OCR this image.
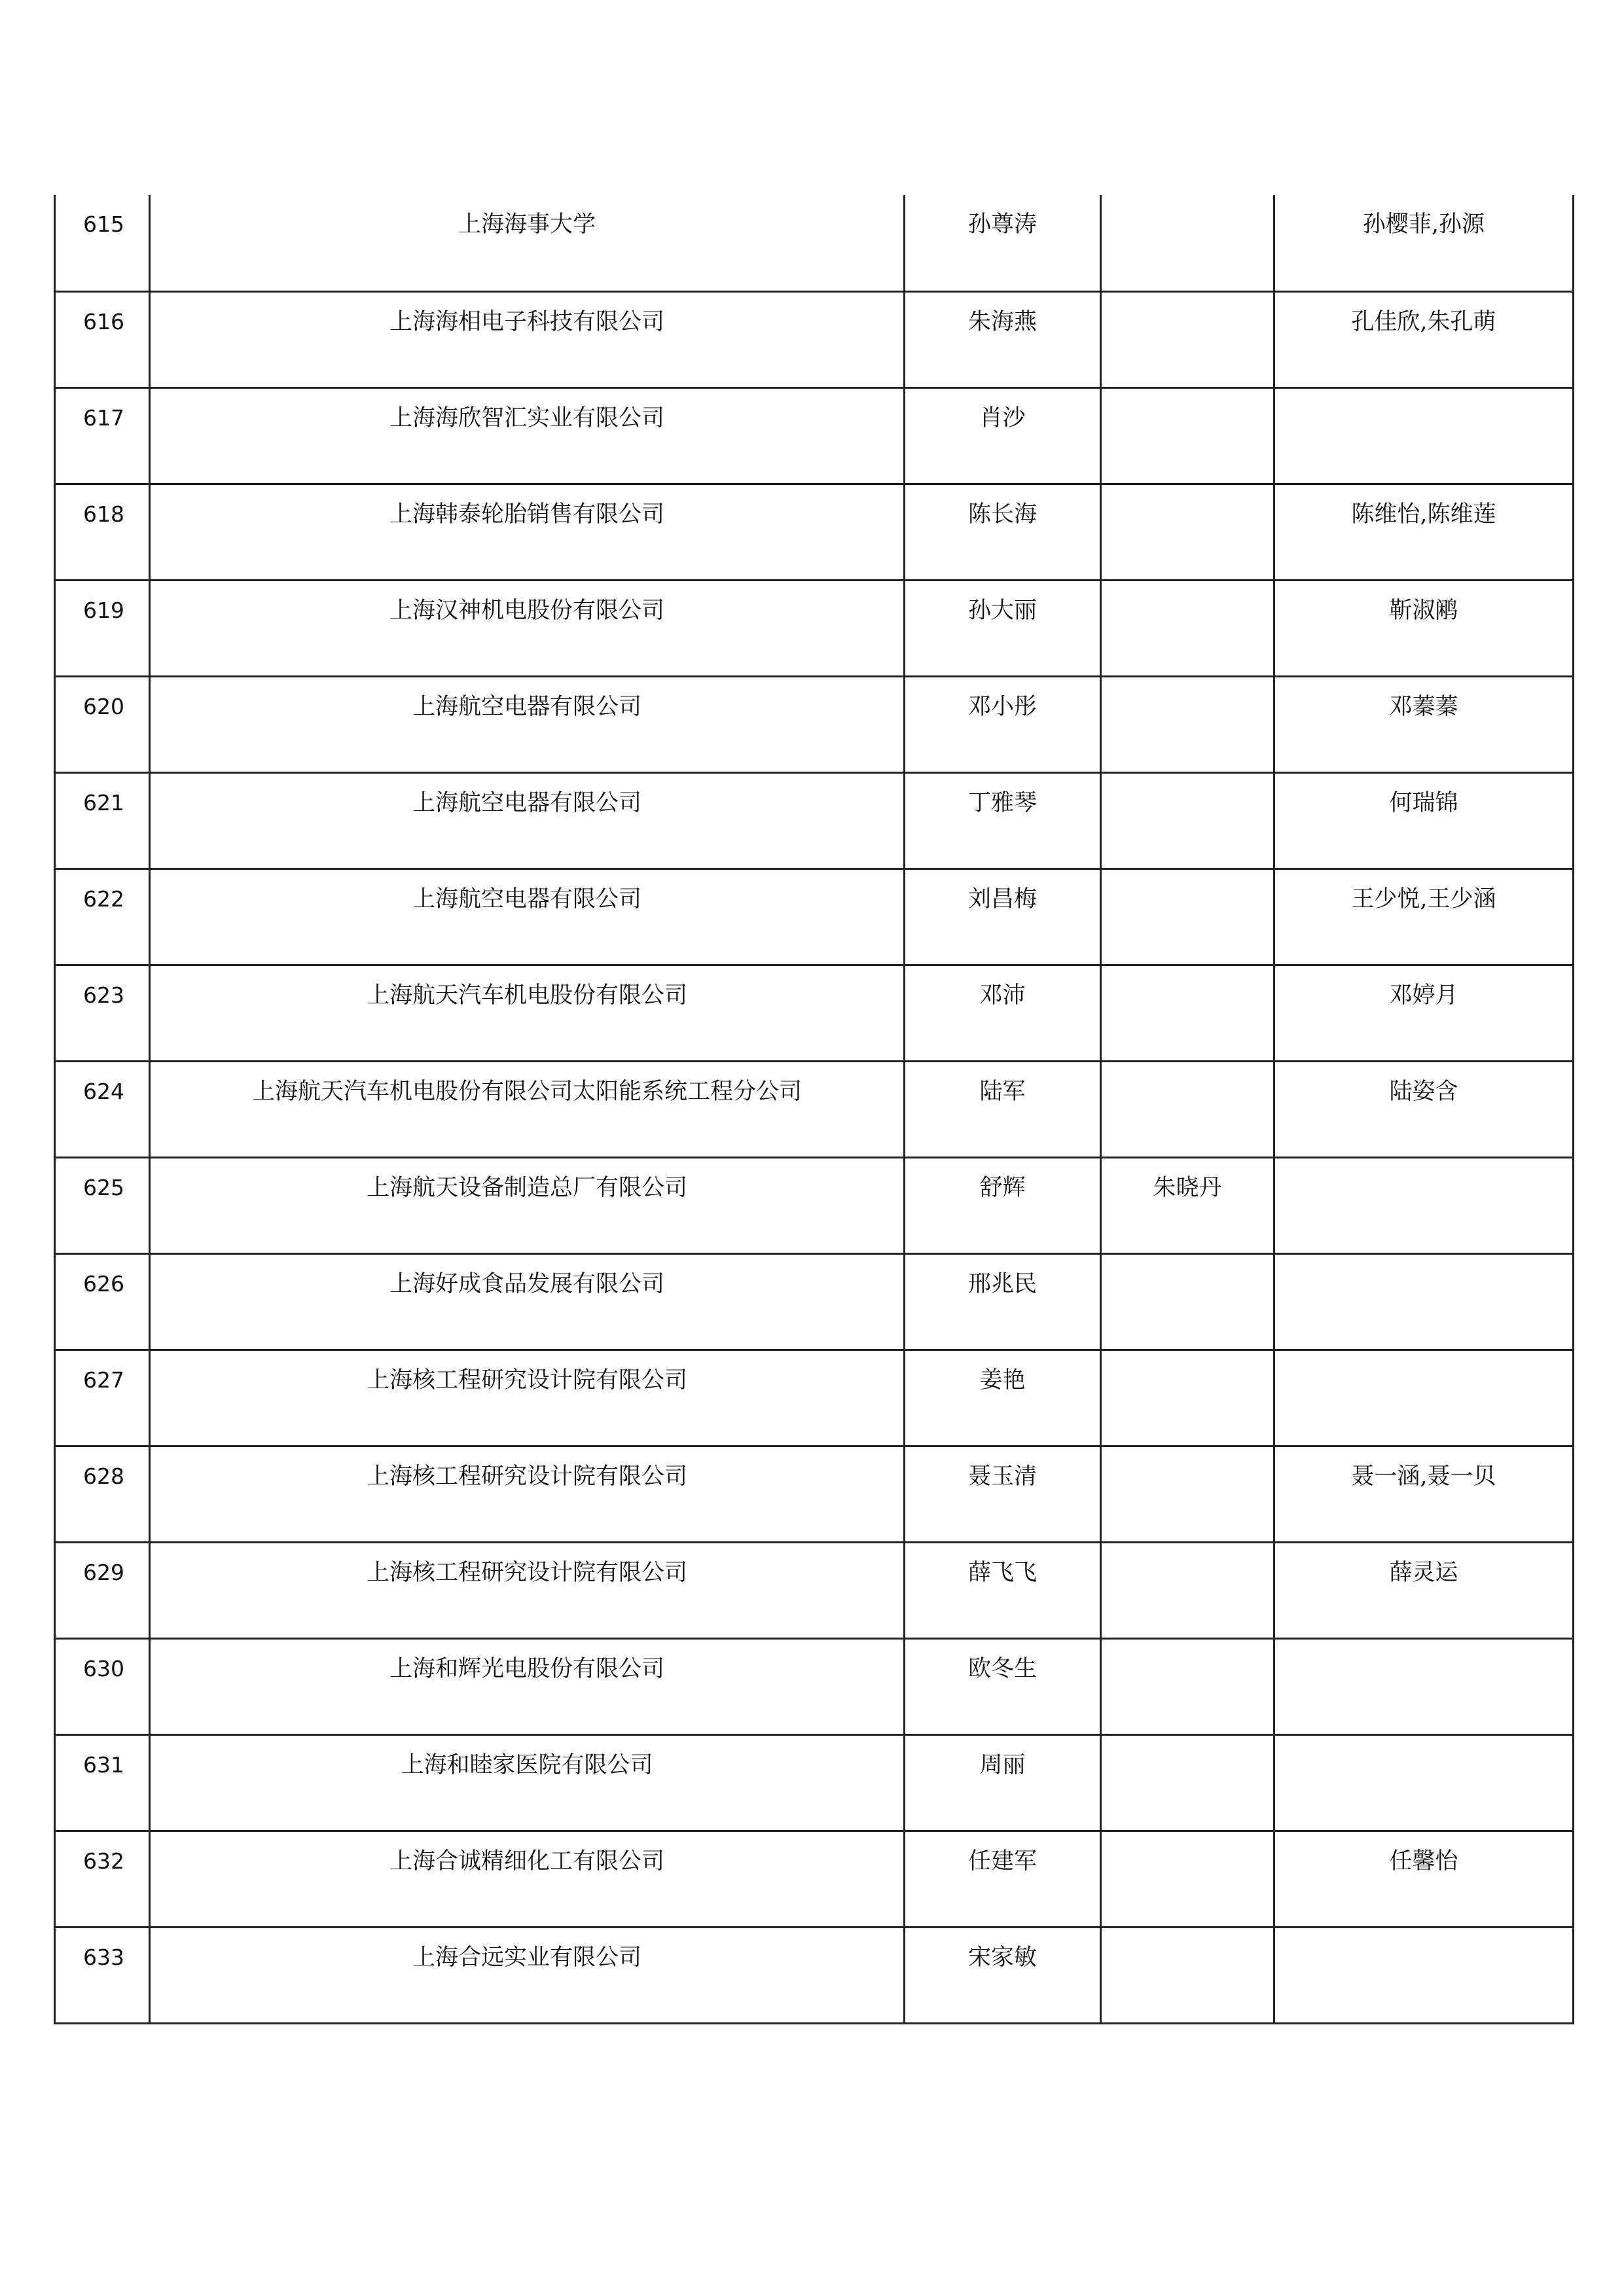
615	上海海事大学	孙尊涛		孙樱菲,孙源
616	上海海相电子科技有限公司	朱海燕		孔佳欣,朱孔萌
617	上海海欣智汇实业有限公司	肖沙		
618	上海韩泰轮胎销售有限公司	陈长海		陈维怡,陈维莲
619	上海汉神机电股份有限公司	孙大丽		靳淑鹇
620	上海航空电器有限公司	邓小彤		邓蓁蓁
621	上海航空电器有限公司	丁雅琴		何瑞锦
622	上海航空电器有限公司	刘昌梅		王少悦,王少涵
623	上海航天汽车机电股份有限公司	邓沛		邓婷月
624	上海航天汽车机电股份有限公司太阳能系统工程分公司	陆军		陆姿含
625	上海航天设备制造总厂有限公司	舒辉	朱晓丹	
626	上海好成食品发展有限公司	邢兆民		
627	上海核工程研究设计院有限公司	姜艳		
628	上海核工程研究设计院有限公司	聂玉清		聂一涵,聂一贝
629	上海核工程研究设计院有限公司	薛飞飞		薛灵运
630	上海和辉光电股份有限公司	欧冬生		
631	上海和睦家医院有限公司	周丽		
632	上海合诚精细化工有限公司	任建军		任馨怡
633	上海合远实业有限公司	宋家敏		
